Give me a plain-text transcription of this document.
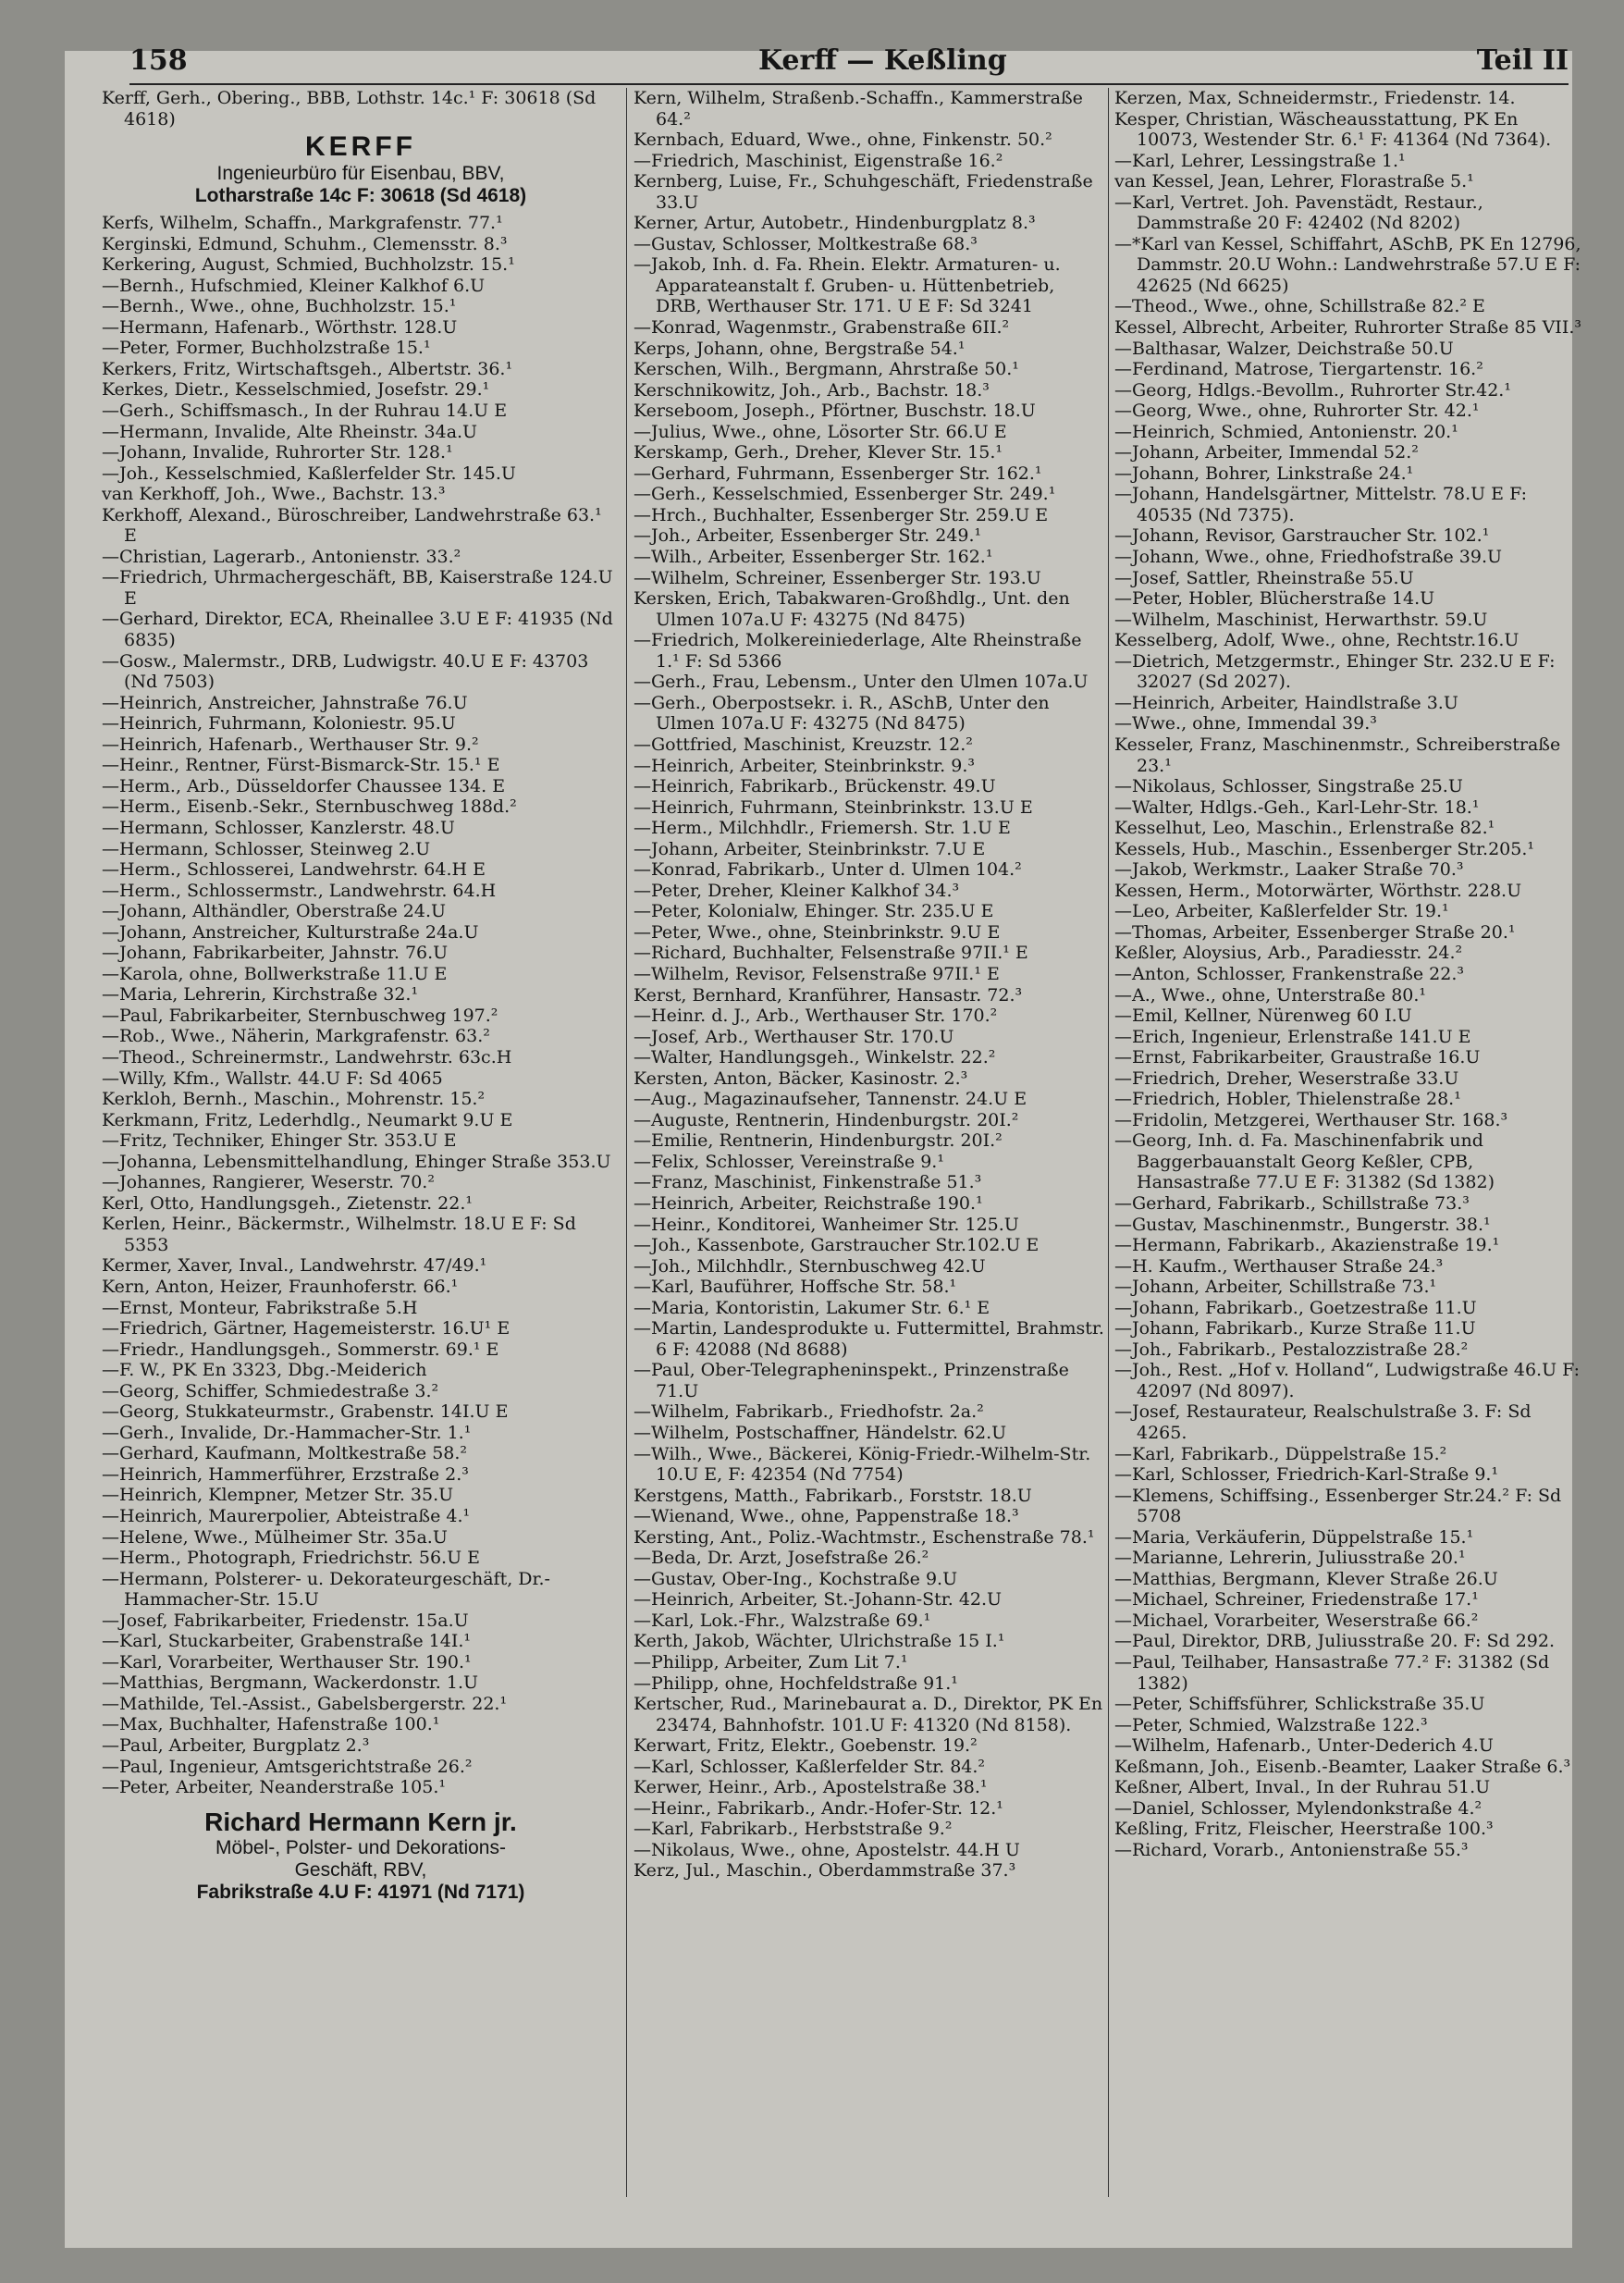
158	Kerff — Keßling	Teil II

Kerff, Gerh., Obering., BBB, Lothstr. 14c.¹ F: 30618 (Sd 4618)

KERFF
Ingenieurbüro für Eisenbau, BBV,
Lotharstraße 14c F: 30618 (Sd 4618)

Kerfs, Wilhelm, Schaffn., Markgrafenstr. 77.¹

Kerginski, Edmund, Schuhm., Clemensstr. 8.³

Kerkering, August, Schmied, Buchholzstr. 15.¹

—Bernh., Hufschmied, Kleiner Kalkhof 6.U

—Bernh., Wwe., ohne, Buchholzstr. 15.¹

—Hermann, Hafenarb., Wörthstr. 128.U

—Peter, Former, Buchholzstraße 15.¹

Kerkers, Fritz, Wirtschaftsgeh., Albertstr. 36.¹

Kerkes, Dietr., Kesselschmied, Josefstr. 29.¹

—Gerh., Schiffsmasch., In der Ruhrau 14.U E

—Hermann, Invalide, Alte Rheinstr. 34a.U

—Johann, Invalide, Ruhrorter Str. 128.¹

—Joh., Kesselschmied, Kaßlerfelder Str. 145.U

van Kerkhoff, Joh., Wwe., Bachstr. 13.³

Kerkhoff, Alexand., Büroschreiber, Landwehrstraße 63.¹ E

—Christian, Lagerarb., Antonienstr. 33.²

—Friedrich, Uhrmachergeschäft, BB, Kaiserstraße 124.U E

—Gerhard, Direktor, ECA, Rheinallee 3.U E F: 41935 (Nd 6835)

—Gosw., Malermstr., DRB, Ludwigstr. 40.U E F: 43703 (Nd 7503)

—Heinrich, Anstreicher, Jahnstraße 76.U

—Heinrich, Fuhrmann, Koloniestr. 95.U

—Heinrich, Hafenarb., Werthauser Str. 9.²

—Heinr., Rentner, Fürst-Bismarck-Str. 15.¹ E

—Herm., Arb., Düsseldorfer Chaussee 134. E

—Herm., Eisenb.-Sekr., Sternbuschweg 188d.²

—Hermann, Schlosser, Kanzlerstr. 48.U

—Hermann, Schlosser, Steinweg 2.U

—Herm., Schlosserei, Landwehrstr. 64.H E

—Herm., Schlossermstr., Landwehrstr. 64.H

—Johann, Althändler, Oberstraße 24.U

—Johann, Anstreicher, Kulturstraße 24a.U

—Johann, Fabrikarbeiter, Jahnstr. 76.U

—Karola, ohne, Bollwerkstraße 11.U E

—Maria, Lehrerin, Kirchstraße 32.¹

—Paul, Fabrikarbeiter, Sternbuschweg 197.²

—Rob., Wwe., Näherin, Markgrafenstr. 63.²

—Theod., Schreinermstr., Landwehrstr. 63c.H

—Willy, Kfm., Wallstr. 44.U F: Sd 4065

Kerkloh, Bernh., Maschin., Mohrenstr. 15.²

Kerkmann, Fritz, Lederhdlg., Neumarkt 9.U E

—Fritz, Techniker, Ehinger Str. 353.U E

—Johanna, Lebensmittelhandlung, Ehinger Straße 353.U

—Johannes, Rangierer, Weserstr. 70.²

Kerl, Otto, Handlungsgeh., Zietenstr. 22.¹

Kerlen, Heinr., Bäckermstr., Wilhelmstr. 18.U E F: Sd 5353

Kermer, Xaver, Inval., Landwehrstr. 47/49.¹

Kern, Anton, Heizer, Fraunhoferstr. 66.¹

—Ernst, Monteur, Fabrikstraße 5.H

—Friedrich, Gärtner, Hagemeisterstr. 16.U¹ E

—Friedr., Handlungsgeh., Sommerstr. 69.¹ E

—F. W., PK En 3323, Dbg.-Meiderich

—Georg, Schiffer, Schmiedestraße 3.²

—Georg, Stukkateurmstr., Grabenstr. 14I.U E

—Gerh., Invalide, Dr.-Hammacher-Str. 1.¹

—Gerhard, Kaufmann, Moltkestraße 58.²

—Heinrich, Hammerführer, Erzstraße 2.³

—Heinrich, Klempner, Metzer Str. 35.U

—Heinrich, Maurerpolier, Abteistraße 4.¹

—Helene, Wwe., Mülheimer Str. 35a.U

—Herm., Photograph, Friedrichstr. 56.U E

—Hermann, Polsterer- u. Dekorateurgeschäft, Dr.-Hammacher-Str. 15.U

—Josef, Fabrikarbeiter, Friedenstr. 15a.U

—Karl, Stuckarbeiter, Grabenstraße 14I.¹

—Karl, Vorarbeiter, Werthauser Str. 190.¹

—Matthias, Bergmann, Wackerdonstr. 1.U

—Mathilde, Tel.-Assist., Gabelsbergerstr. 22.¹

—Max, Buchhalter, Hafenstraße 100.¹

—Paul, Arbeiter, Burgplatz 2.³

—Paul, Ingenieur, Amtsgerichtstraße 26.²

—Peter, Arbeiter, Neanderstraße 105.¹

Richard Hermann Kern jr.
Möbel-, Polster- und Dekorations-
Geschäft, RBV,
Fabrikstraße 4.U F: 41971 (Nd 7171)

Kern, Wilhelm, Straßenb.-Schaffn., Kammerstraße 64.²

Kernbach, Eduard, Wwe., ohne, Finkenstr. 50.²

—Friedrich, Maschinist, Eigenstraße 16.²

Kernberg, Luise, Fr., Schuhgeschäft, Friedenstraße 33.U

Kerner, Artur, Autobetr., Hindenburgplatz 8.³

—Gustav, Schlosser, Moltkestraße 68.³

—Jakob, Inh. d. Fa. Rhein. Elektr. Armaturen- u. Apparateanstalt f. Gruben- u. Hüttenbetrieb, DRB, Werthauser Str. 171. U E F: Sd 3241

—Konrad, Wagenmstr., Grabenstraße 6II.²

Kerps, Johann, ohne, Bergstraße 54.¹

Kerschen, Wilh., Bergmann, Ahrstraße 50.¹

Kerschnikowitz, Joh., Arb., Bachstr. 18.³

Kerseboom, Joseph., Pförtner, Buschstr. 18.U

—Julius, Wwe., ohne, Lösorter Str. 66.U E

Kerskamp, Gerh., Dreher, Klever Str. 15.¹

—Gerhard, Fuhrmann, Essenberger Str. 162.¹

—Gerh., Kesselschmied, Essenberger Str. 249.¹

—Hrch., Buchhalter, Essenberger Str. 259.U E

—Joh., Arbeiter, Essenberger Str. 249.¹

—Wilh., Arbeiter, Essenberger Str. 162.¹

—Wilhelm, Schreiner, Essenberger Str. 193.U

Kersken, Erich, Tabakwaren-Großhdlg., Unt. den Ulmen 107a.U F: 43275 (Nd 8475)

—Friedrich, Molkereiniederlage, Alte Rheinstraße 1.¹ F: Sd 5366

—Gerh., Frau, Lebensm., Unter den Ulmen 107a.U

—Gerh., Oberpostsekr. i. R., ASchB, Unter den Ulmen 107a.U F: 43275 (Nd 8475)

—Gottfried, Maschinist, Kreuzstr. 12.²

—Heinrich, Arbeiter, Steinbrinkstr. 9.³

—Heinrich, Fabrikarb., Brückenstr. 49.U

—Heinrich, Fuhrmann, Steinbrinkstr. 13.U E

—Herm., Milchhdlr., Friemersh. Str. 1.U E

—Johann, Arbeiter, Steinbrinkstr. 7.U E

—Konrad, Fabrikarb., Unter d. Ulmen 104.²

—Peter, Dreher, Kleiner Kalkhof 34.³

—Peter, Kolonialw, Ehinger. Str. 235.U E

—Peter, Wwe., ohne, Steinbrinkstr. 9.U E

—Richard, Buchhalter, Felsenstraße 97II.¹ E

—Wilhelm, Revisor, Felsenstraße 97II.¹ E

Kerst, Bernhard, Kranführer, Hansastr. 72.³

—Heinr. d. J., Arb., Werthauser Str. 170.²

—Josef, Arb., Werthauser Str. 170.U

—Walter, Handlungsgeh., Winkelstr. 22.²

Kersten, Anton, Bäcker, Kasinostr. 2.³

—Aug., Magazinaufseher, Tannenstr. 24.U E

—Auguste, Rentnerin, Hindenburgstr. 20I.²

—Emilie, Rentnerin, Hindenburgstr. 20I.²

—Felix, Schlosser, Vereinstraße 9.¹

—Franz, Maschinist, Finkenstraße 51.³

—Heinrich, Arbeiter, Reichstraße 190.¹

—Heinr., Konditorei, Wanheimer Str. 125.U

—Joh., Kassenbote, Garstraucher Str.102.U E

—Joh., Milchhdlr., Sternbuschweg 42.U

—Karl, Bauführer, Hoffsche Str. 58.¹

—Maria, Kontoristin, Lakumer Str. 6.¹ E

—Martin, Landesprodukte u. Futtermittel, Brahmstr. 6 F: 42088 (Nd 8688)

—Paul, Ober-Telegrapheninspekt., Prinzenstraße 71.U

—Wilhelm, Fabrikarb., Friedhofstr. 2a.²

—Wilhelm, Postschaffner, Händelstr. 62.U

—Wilh., Wwe., Bäckerei, König-Friedr.-Wilhelm-Str. 10.U E, F: 42354 (Nd 7754)

Kerstgens, Matth., Fabrikarb., Forststr. 18.U

—Wienand, Wwe., ohne, Pappenstraße 18.³

Kersting, Ant., Poliz.-Wachtmstr., Eschenstraße 78.¹

—Beda, Dr. Arzt, Josefstraße 26.²

—Gustav, Ober-Ing., Kochstraße 9.U

—Heinrich, Arbeiter, St.-Johann-Str. 42.U

—Karl, Lok.-Fhr., Walzstraße 69.¹

Kerth, Jakob, Wächter, Ulrichstraße 15 I.¹

—Philipp, Arbeiter, Zum Lit 7.¹

—Philipp, ohne, Hochfeldstraße 91.¹

Kertscher, Rud., Marinebaurat a. D., Direktor, PK En 23474, Bahnhofstr. 101.U F: 41320 (Nd 8158).

Kerwart, Fritz, Elektr., Goebenstr. 19.²

—Karl, Schlosser, Kaßlerfelder Str. 84.²

Kerwer, Heinr., Arb., Apostelstraße 38.¹

—Heinr., Fabrikarb., Andr.-Hofer-Str. 12.¹

—Karl, Fabrikarb., Herbststraße 9.²

—Nikolaus, Wwe., ohne, Apostelstr. 44.H U

Kerz, Jul., Maschin., Oberdammstraße 37.³

Kerzen, Max, Schneidermstr., Friedenstr. 14.

Kesper, Christian, Wäscheausstattung, PK En 10073, Westender Str. 6.¹ F: 41364 (Nd 7364).

—Karl, Lehrer, Lessingstraße 1.¹

van Kessel, Jean, Lehrer, Florastraße 5.¹

—Karl, Vertret. Joh. Pavenstädt, Restaur., Dammstraße 20 F: 42402 (Nd 8202)

—*Karl van Kessel, Schiffahrt, ASchB, PK En 12796, Dammstr. 20.U Wohn.: Landwehrstraße 57.U E F: 42625 (Nd 6625)

—Theod., Wwe., ohne, Schillstraße 82.² E

Kessel, Albrecht, Arbeiter, Ruhrorter Straße 85 VII.³

—Balthasar, Walzer, Deichstraße 50.U

—Ferdinand, Matrose, Tiergartenstr. 16.²

—Georg, Hdlgs.-Bevollm., Ruhrorter Str.42.¹

—Georg, Wwe., ohne, Ruhrorter Str. 42.¹

—Heinrich, Schmied, Antonienstr. 20.¹

—Johann, Arbeiter, Immendal 52.²

—Johann, Bohrer, Linkstraße 24.¹

—Johann, Handelsgärtner, Mittelstr. 78.U E F: 40535 (Nd 7375).

—Johann, Revisor, Garstraucher Str. 102.¹

—Johann, Wwe., ohne, Friedhofstraße 39.U

—Josef, Sattler, Rheinstraße 55.U

—Peter, Hobler, Blücherstraße 14.U

—Wilhelm, Maschinist, Herwarthstr. 59.U

Kesselberg, Adolf, Wwe., ohne, Rechtstr.16.U

—Dietrich, Metzgermstr., Ehinger Str. 232.U E F: 32027 (Sd 2027).

—Heinrich, Arbeiter, Haindlstraße 3.U

—Wwe., ohne, Immendal 39.³

Kesseler, Franz, Maschinenmstr., Schreiberstraße 23.¹

—Nikolaus, Schlosser, Singstraße 25.U

—Walter, Hdlgs.-Geh., Karl-Lehr-Str. 18.¹

Kesselhut, Leo, Maschin., Erlenstraße 82.¹

Kessels, Hub., Maschin., Essenberger Str.205.¹

—Jakob, Werkmstr., Laaker Straße 70.³

Kessen, Herm., Motorwärter, Wörthstr. 228.U

—Leo, Arbeiter, Kaßlerfelder Str. 19.¹

—Thomas, Arbeiter, Essenberger Straße 20.¹

Keßler, Aloysius, Arb., Paradiesstr. 24.²

—Anton, Schlosser, Frankenstraße 22.³

—A., Wwe., ohne, Unterstraße 80.¹

—Emil, Kellner, Nürenweg 60 I.U

—Erich, Ingenieur, Erlenstraße 141.U E

—Ernst, Fabrikarbeiter, Graustraße 16.U

—Friedrich, Dreher, Weserstraße 33.U

—Friedrich, Hobler, Thielenstraße 28.¹

—Fridolin, Metzgerei, Werthauser Str. 168.³

—Georg, Inh. d. Fa. Maschinenfabrik und Baggerbauanstalt Georg Keßler, CPB, Hansastraße 77.U E F: 31382 (Sd 1382)

—Gerhard, Fabrikarb., Schillstraße 73.³

—Gustav, Maschinenmstr., Bungerstr. 38.¹

—Hermann, Fabrikarb., Akazienstraße 19.¹

—H. Kaufm., Werthauser Straße 24.³

—Johann, Arbeiter, Schillstraße 73.¹

—Johann, Fabrikarb., Goetzestraße 11.U

—Johann, Fabrikarb., Kurze Straße 11.U

—Joh., Fabrikarb., Pestalozzistraße 28.²

—Joh., Rest. „Hof v. Holland“, Ludwigstraße 46.U F: 42097 (Nd 8097).

—Josef, Restaurateur, Realschulstraße 3. F: Sd 4265.

—Karl, Fabrikarb., Düppelstraße 15.²

—Karl, Schlosser, Friedrich-Karl-Straße 9.¹

—Klemens, Schiffsing., Essenberger Str.24.² F: Sd 5708

—Maria, Verkäuferin, Düppelstraße 15.¹

—Marianne, Lehrerin, Juliusstraße 20.¹

—Matthias, Bergmann, Klever Straße 26.U

—Michael, Schreiner, Friedenstraße 17.¹

—Michael, Vorarbeiter, Weserstraße 66.²

—Paul, Direktor, DRB, Juliusstraße 20. F: Sd 292.

—Paul, Teilhaber, Hansastraße 77.² F: 31382 (Sd 1382)

—Peter, Schiffsführer, Schlickstraße 35.U

—Peter, Schmied, Walzstraße 122.³

—Wilhelm, Hafenarb., Unter-Dederich 4.U

Keßmann, Joh., Eisenb.-Beamter, Laaker Straße 6.³

Keßner, Albert, Inval., In der Ruhrau 51.U

—Daniel, Schlosser, Mylendonkstraße 4.²

Keßling, Fritz, Fleischer, Heerstraße 100.³

—Richard, Vorarb., Antonienstraße 55.³
